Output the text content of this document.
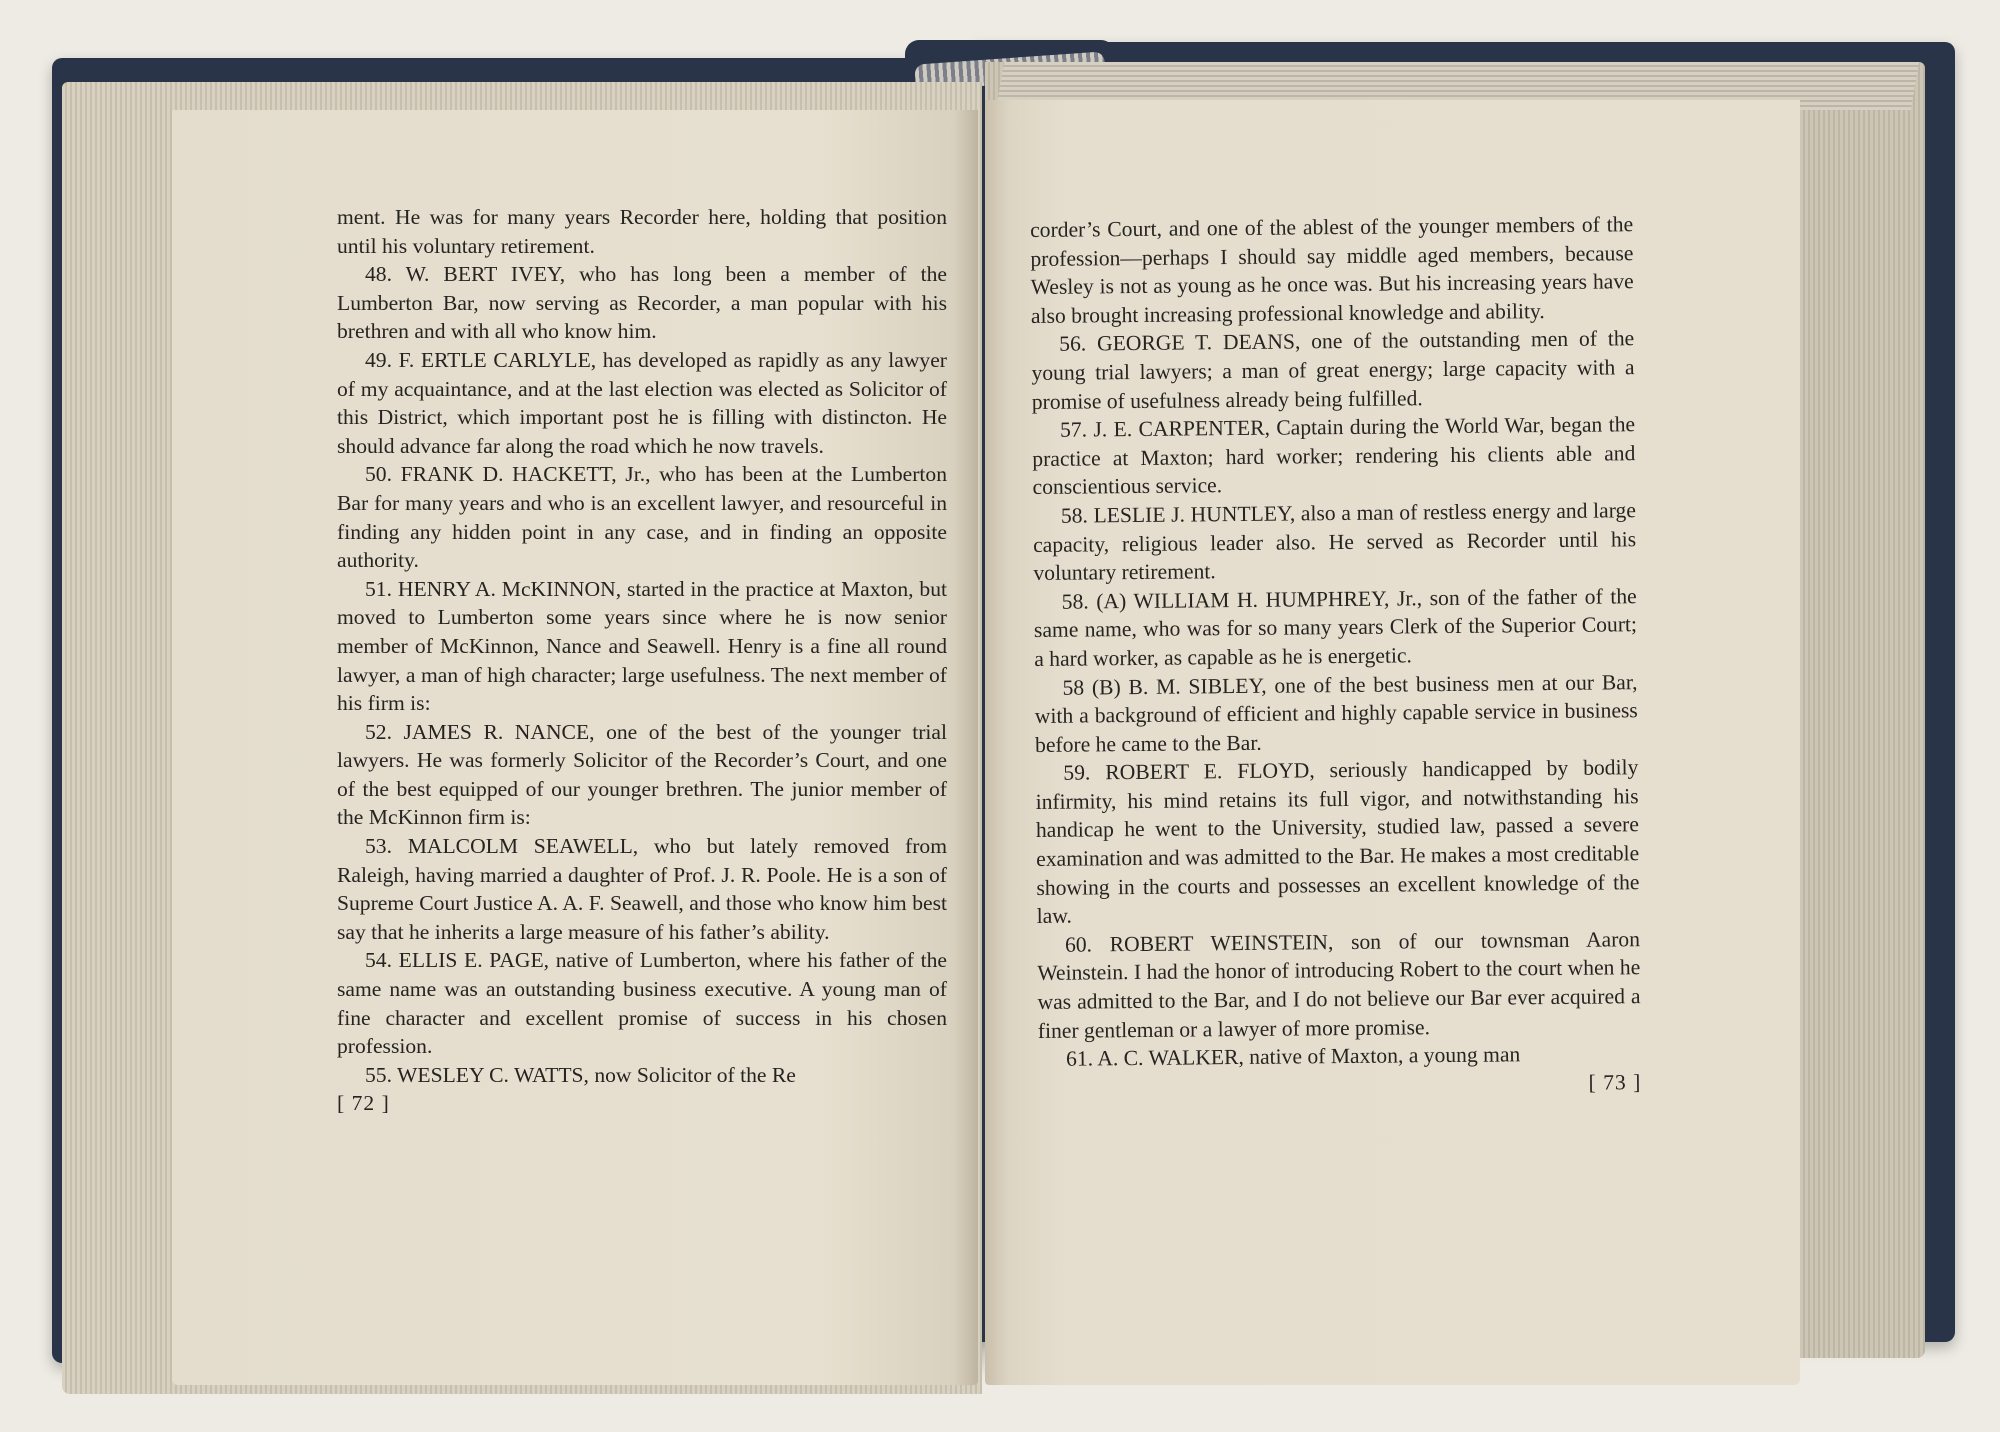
ment. He was for many years Recorder here, holding that position until his voluntary retirement.

48. W. BERT IVEY, who has long been a member of the Lumberton Bar, now serving as Recorder, a man popular with his brethren and with all who know him.

49. F. ERTLE CARLYLE, has developed as rapidly as any lawyer of my acquaintance, and at the last election was elected as Solicitor of this District, which important post he is filling with distincton. He should advance far along the road which he now travels.

50. FRANK D. HACKETT, Jr., who has been at the Lumberton Bar for many years and who is an excellent lawyer, and resourceful in finding any hidden point in any case, and in finding an opposite authority.

51. HENRY A. McKINNON, started in the practice at Maxton, but moved to Lumberton some years since where he is now senior member of McKinnon, Nance and Seawell. Henry is a fine all round lawyer, a man of high character; large usefulness. The next member of his firm is:

52. JAMES R. NANCE, one of the best of the younger trial lawyers. He was formerly Solicitor of the Recorder’s Court, and one of the best equipped of our younger brethren. The junior member of the McKinnon firm is:

53. MALCOLM SEAWELL, who but lately removed from Raleigh, having married a daughter of Prof. J. R. Poole. He is a son of Supreme Court Justice A. A. F. Seawell, and those who know him best say that he inherits a large measure of his father’s ability.

54. ELLIS E. PAGE, native of Lumberton, where his father of the same name was an outstanding business executive. A young man of fine character and excellent promise of success in his chosen profession.

55. WESLEY C. WATTS, now Solicitor of the Re

[ 72 ]

corder’s Court, and one of the ablest of the younger members of the profession—perhaps I should say middle aged members, because Wesley is not as young as he once was. But his increasing years have also brought increasing professional knowledge and ability.

56. GEORGE T. DEANS, one of the outstanding men of the young trial lawyers; a man of great energy; large capacity with a promise of usefulness already being fulfilled.

57. J. E. CARPENTER, Captain during the World War, began the practice at Maxton; hard worker; rendering his clients able and conscientious service.

58. LESLIE J. HUNTLEY, also a man of restless energy and large capacity, religious leader also. He served as Recorder until his voluntary retirement.

58. (A) WILLIAM H. HUMPHREY, Jr., son of the father of the same name, who was for so many years Clerk of the Superior Court; a hard worker, as capable as he is energetic.

58 (B) B. M. SIBLEY, one of the best business men at our Bar, with a background of efficient and highly capable service in business before he came to the Bar.

59. ROBERT E. FLOYD, seriously handicapped by bodily infirmity, his mind retains its full vigor, and notwithstanding his handicap he went to the University, studied law, passed a severe examination and was admitted to the Bar. He makes a most creditable showing in the courts and possesses an excellent knowledge of the law.

60. ROBERT WEINSTEIN, son of our townsman Aaron Weinstein. I had the honor of introducing Robert to the court when he was admitted to the Bar, and I do not believe our Bar ever acquired a finer gentleman or a lawyer of more promise.

61. A. C. WALKER, native of Maxton, a young man

[ 73 ]
